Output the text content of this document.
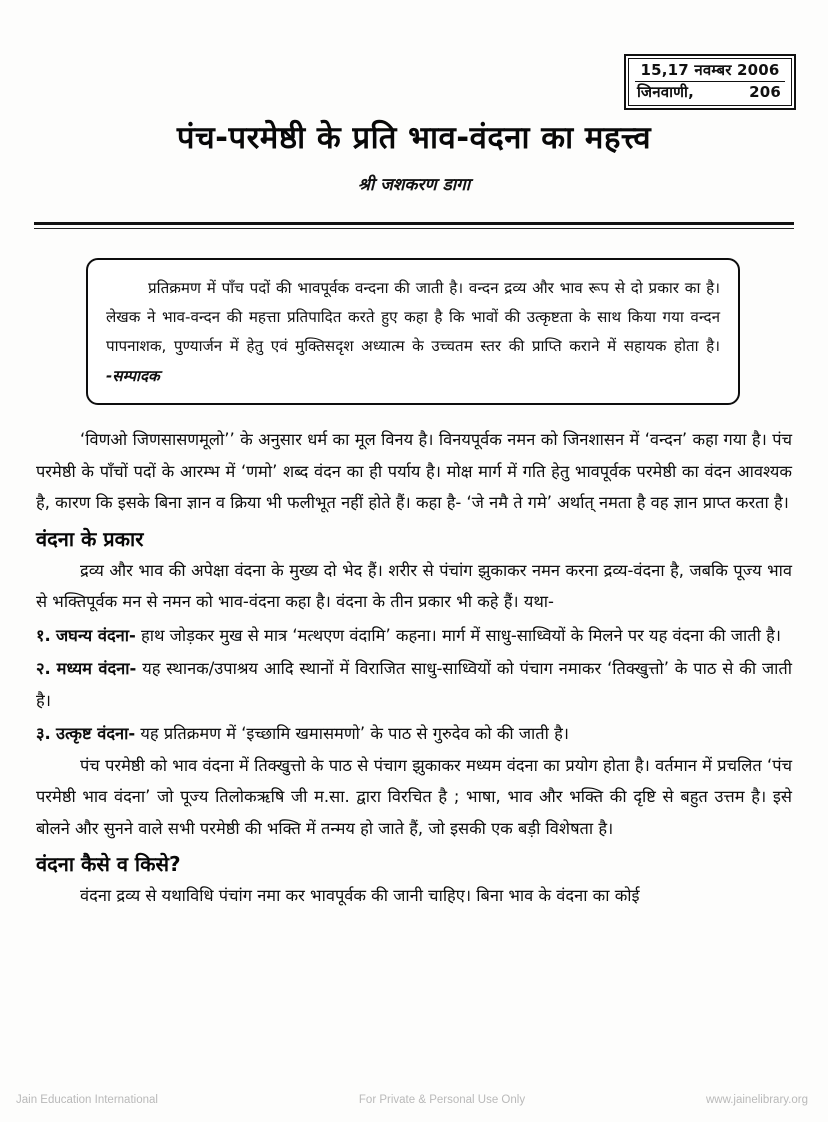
15,17 नवम्बर 2006
जिनवाणी,	206
पंच-परमेष्ठी के प्रति भाव-वंदना का महत्त्व
श्री जशकरण डागा

प्रतिक्रमण में पाँच पदों की भावपूर्वक वन्दना की जाती है। वन्दन द्रव्य और भाव रूप से दो प्रकार का है। लेखक ने भाव-वन्दन की महत्ता प्रतिपादित करते हुए कहा है कि भावों की उत्कृष्टता के साथ किया गया वन्दन पापनाशक, पुण्यार्जन में हेतु एवं मुक्तिसदृश अध्यात्म के उच्चतम स्तर की प्राप्ति कराने में सहायक होता है। -सम्पादक

‘विणओ जिणसासणमूलो’’ के अनुसार धर्म का मूल विनय है। विनयपूर्वक नमन को जिनशासन में ‘वन्दन’ कहा गया है। पंच परमेष्ठी के पाँचों पदों के आरम्भ में ‘णमो’ शब्द वंदन का ही पर्याय है। मोक्ष मार्ग में गति हेतु भावपूर्वक परमेष्ठी का वंदन आवश्यक है, कारण कि इसके बिना ज्ञान व क्रिया भी फलीभूत नहीं होते हैं। कहा है- ‘जे नमै ते गमे’ अर्थात् नमता है वह ज्ञान प्राप्त करता है।

वंदना के प्रकार

द्रव्य और भाव की अपेक्षा वंदना के मुख्य दो भेद हैं। शरीर से पंचांग झुकाकर नमन करना द्रव्य-वंदना है, जबकि पूज्य भाव से भक्तिपूर्वक मन से नमन को भाव-वंदना कहा है। वंदना के तीन प्रकार भी कहे हैं। यथा-

१. जघन्य वंदना- हाथ जोड़कर मुख से मात्र ‘मत्थएण वंदामि’ कहना। मार्ग में साधु-साध्वियों के मिलने पर यह वंदना की जाती है।

२. मध्यम वंदना- यह स्थानक/उपाश्रय आदि स्थानों में विराजित साधु-साध्वियों को पंचाग नमाकर ‘तिक्खुत्तो’ के पाठ से की जाती है।

३. उत्कृष्ट वंदना- यह प्रतिक्रमण में ‘इच्छामि खमासमणो’ के पाठ से गुरुदेव को की जाती है।

पंच परमेष्ठी को भाव वंदना में तिक्खुत्तो के पाठ से पंचाग झुकाकर मध्यम वंदना का प्रयोग होता है। वर्तमान में प्रचलित ‘पंच परमेष्ठी भाव वंदना’ जो पूज्य तिलोकऋषि जी म.सा. द्वारा विरचित है ; भाषा, भाव और भक्ति की दृष्टि से बहुत उत्तम है। इसे बोलने और सुनने वाले सभी परमेष्ठी की भक्ति में तन्मय हो जाते हैं, जो इसकी एक बड़ी विशेषता है।

वंदना कैसे व किसे?

वंदना द्रव्य से यथाविधि पंचांग नमा कर भावपूर्वक की जानी चाहिए। बिना भाव के वंदना का कोई

Jain Education International	For Private & Personal Use Only	www.jainelibrary.org
